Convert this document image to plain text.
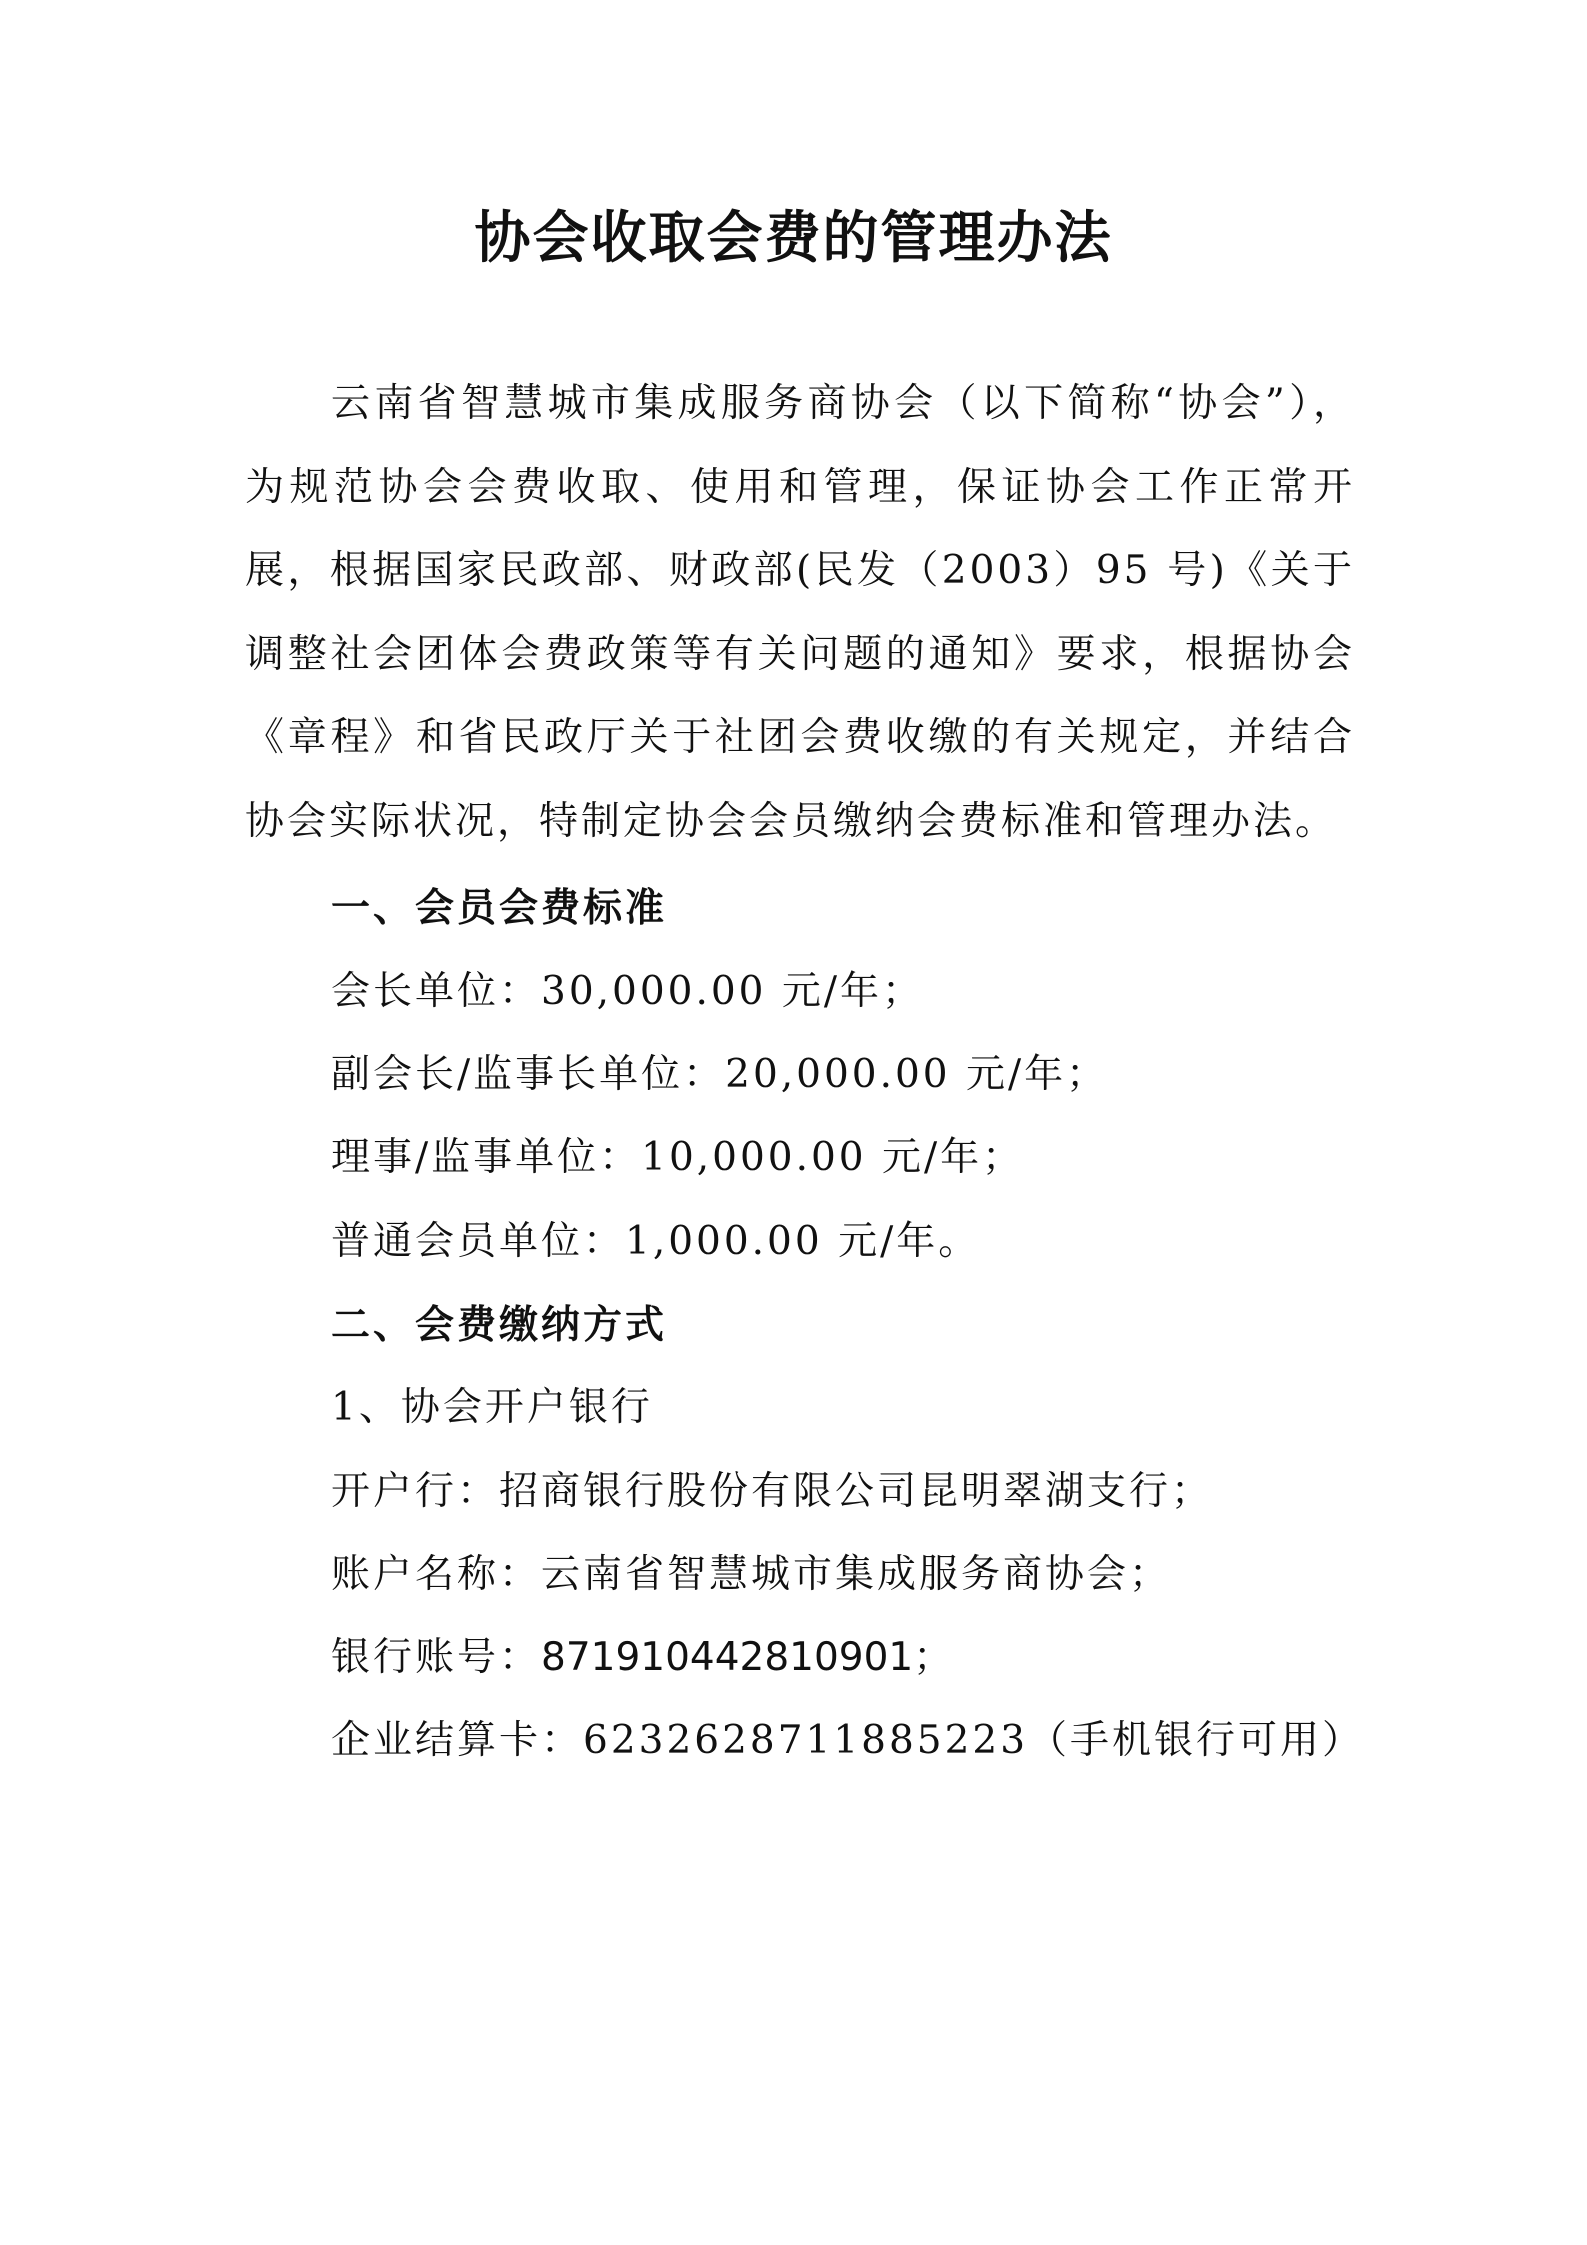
协会收取会费的管理办法

云南省智慧城市集成服务商协会（以下简称“协会”），为规范协会会费收取、使用和管理，保证协会工作正常开展，根据国家民政部、财政部(民发（2003）95 号)《关于调整社会团体会费政策等有关问题的通知》要求，根据协会《章程》和省民政厅关于社团会费收缴的有关规定，并结合协会实际状况，特制定协会会员缴纳会费标准和管理办法。

一、会员会费标准
会长单位：30,000.00 元/年；
副会长/监事长单位：20,000.00 元/年；
理事/监事单位：10,000.00 元/年；
普通会员单位：1,000.00 元/年。
二、会费缴纳方式
1、协会开户银行
开户行：招商银行股份有限公司昆明翠湖支行；
账户名称：云南省智慧城市集成服务商协会；
银行账号：871910442810901；
企业结算卡：6232628711885223（手机银行可用）
